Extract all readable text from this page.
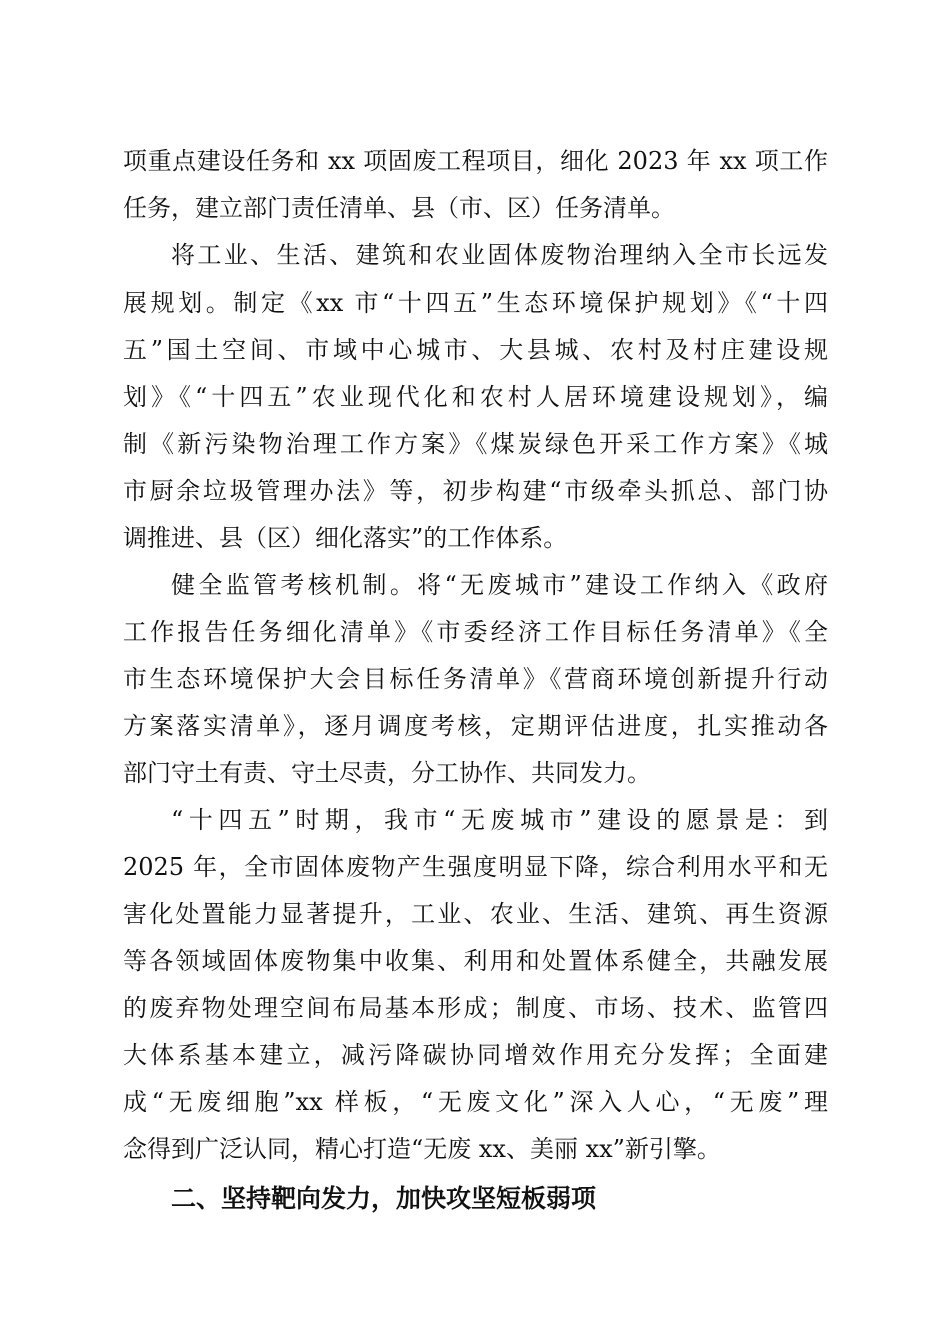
项重点建设任务和 xx 项固废工程项目，细化 2023 年 xx 项工作
任务，建立部门责任清单、县（市、区）任务清单。
将工业、生活、建筑和农业固体废物治理纳入全市长远发
展规划。制定《xx 市“十四五”生态环境保护规划》《“十四
五”国土空间、市域中心城市、大县城、农村及村庄建设规
划》《“十四五”农业现代化和农村人居环境建设规划》，编
制《新污染物治理工作方案》《煤炭绿色开采工作方案》《城
市厨余垃圾管理办法》等，初步构建“市级牵头抓总、部门协
调推进、县（区）细化落实”的工作体系。
健全监管考核机制。将“无废城市”建设工作纳入《政府
工作报告任务细化清单》《市委经济工作目标任务清单》《全
市生态环境保护大会目标任务清单》《营商环境创新提升行动
方案落实清单》，逐月调度考核，定期评估进度，扎实推动各
部门守土有责、守土尽责，分工协作、共同发力。
“十四五”时期，我市“无废城市”建设的愿景是：到
2025 年，全市固体废物产生强度明显下降，综合利用水平和无
害化处置能力显著提升，工业、农业、生活、建筑、再生资源
等各领域固体废物集中收集、利用和处置体系健全，共融发展
的废弃物处理空间布局基本形成；制度、市场、技术、监管四
大体系基本建立，减污降碳协同增效作用充分发挥；全面建
成“无废细胞”xx 样板，“无废文化”深入人心，“无废”理
念得到广泛认同，精心打造“无废 xx、美丽 xx”新引擎。
二、坚持靶向发力，加快攻坚短板弱项
